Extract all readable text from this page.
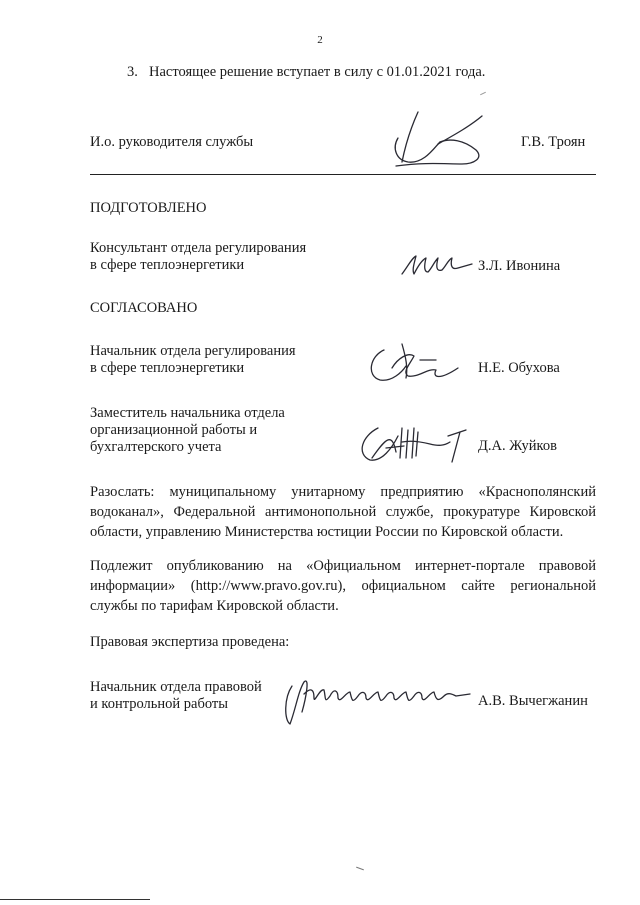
2
3. Настоящее решение вступает в силу с 01.01.2021 года.
И.о. руководителя службы	Г.В. Троян
ПОДГОТОВЛЕНО
Консультант отдела регулирования
в сфере теплоэнергетики	З.Л. Ивонина
СОГЛАСОВАНО
Начальник отдела регулирования
в сфере теплоэнергетики	Н.Е. Обухова
Заместитель начальника отдела
организационной работы и
бухгалтерского учета	Д.А. Жуйков
Разослать: муниципальному унитарному предприятию «Краснополянский
водоканал», Федеральной антимонопольной службе, прокуратуре Кировской
области, управлению Министерства юстиции России по Кировской области.
Подлежит опубликованию на «Официальном интернет-портале правовой
информации» (http://www.pravo.gov.ru), официальном сайте региональной
службы по тарифам Кировской области.
Правовая экспертиза проведена:
Начальник отдела правовой
и контрольной работы	А.В. Вычегжанин
